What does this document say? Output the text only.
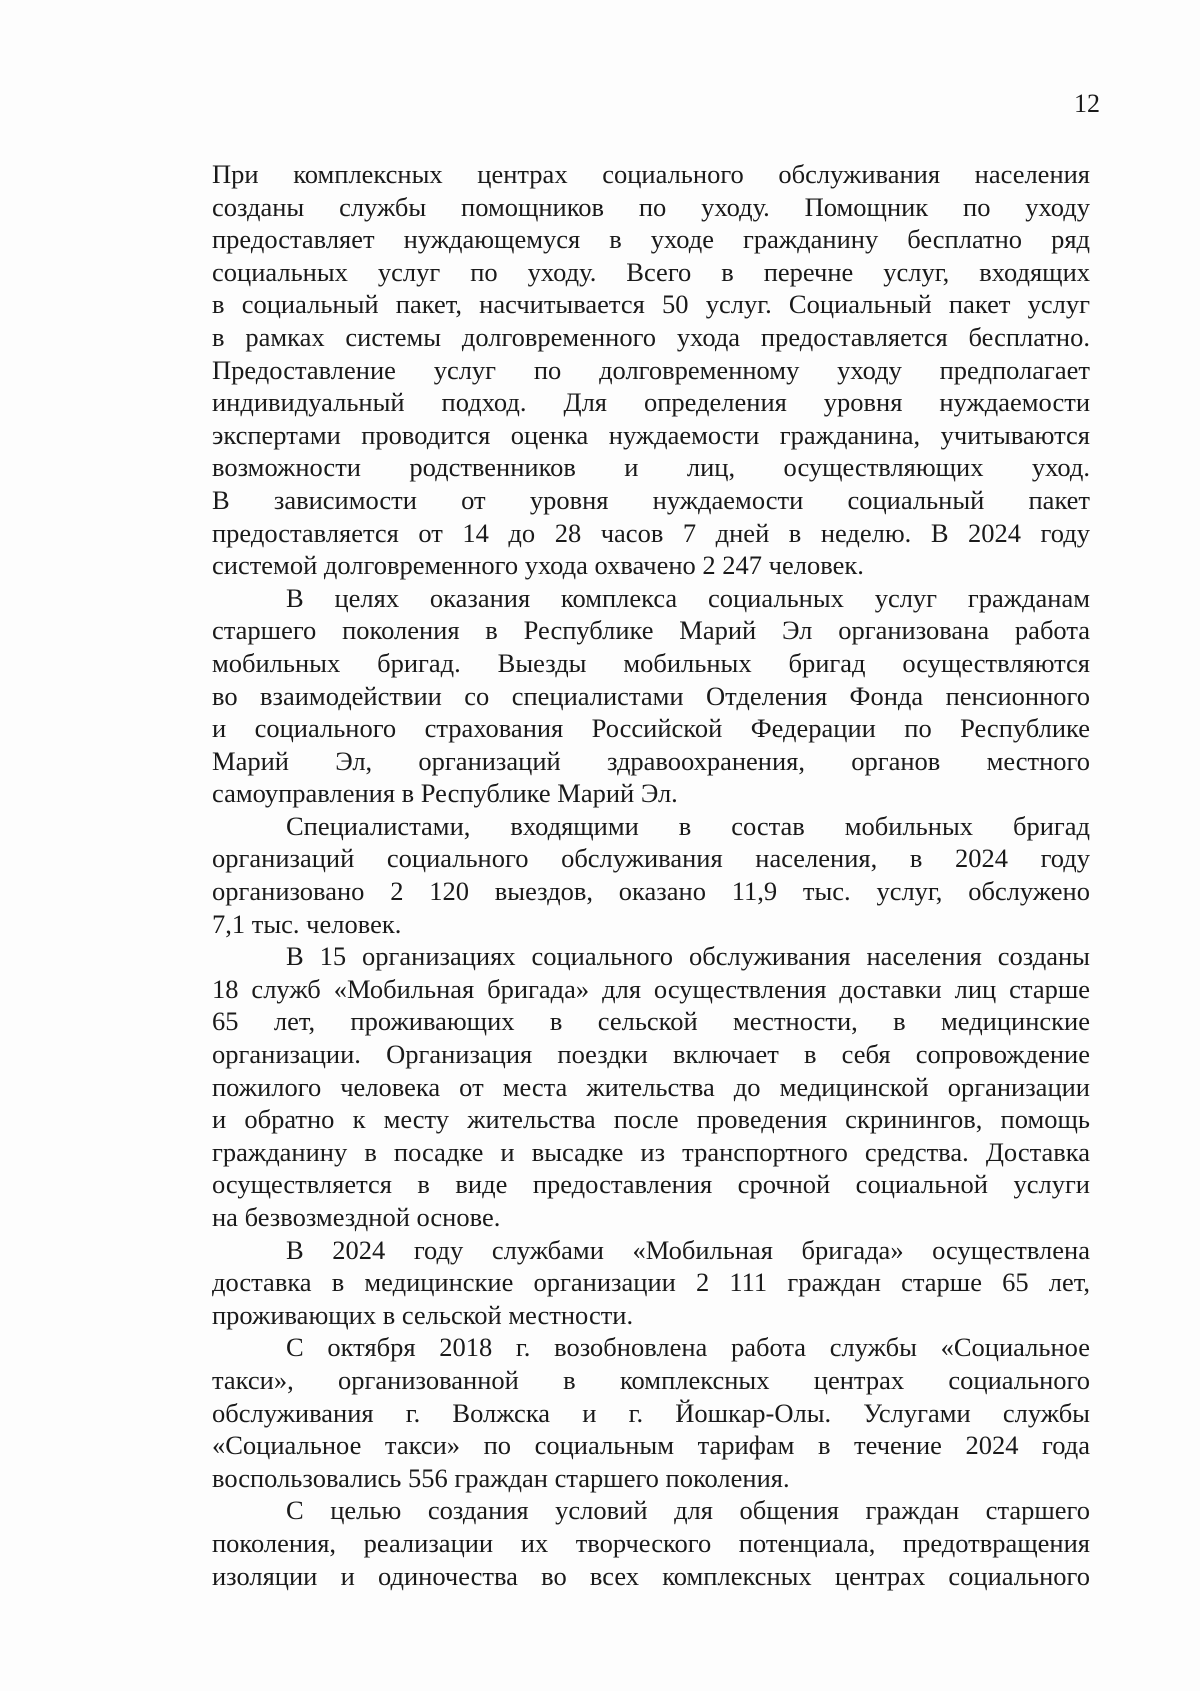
12
При комплексных центрах социального обслуживания населения
созданы службы помощников по уходу. Помощник по уходу
предоставляет нуждающемуся в уходе гражданину бесплатно ряд
социальных услуг по уходу. Всего в перечне услуг, входящих
в социальный пакет, насчитывается 50 услуг. Социальный пакет услуг
в рамках системы долговременного ухода предоставляется бесплатно.
Предоставление услуг по долговременному уходу предполагает
индивидуальный подход. Для определения уровня нуждаемости
экспертами проводится оценка нуждаемости гражданина, учитываются
возможности родственников и лиц, осуществляющих уход.
В зависимости от уровня нуждаемости социальный пакет
предоставляется от 14 до 28 часов 7 дней в неделю. В 2024 году
системой долговременного ухода охвачено 2 247 человек.
В целях оказания комплекса социальных услуг гражданам
старшего поколения в Республике Марий Эл организована работа
мобильных бригад. Выезды мобильных бригад осуществляются
во взаимодействии со специалистами Отделения Фонда пенсионного
и социального страхования Российской Федерации по Республике
Марий Эл, организаций здравоохранения, органов местного
самоуправления в Республике Марий Эл.
Специалистами, входящими в состав мобильных бригад
организаций социального обслуживания населения, в 2024 году
организовано 2 120 выездов, оказано 11,9 тыс. услуг, обслужено
7,1 тыс. человек.
В 15 организациях социального обслуживания населения созданы
18 служб «Мобильная бригада» для осуществления доставки лиц старше
65 лет, проживающих в сельской местности, в медицинские
организации. Организация поездки включает в себя сопровождение
пожилого человека от места жительства до медицинской организации
и обратно к месту жительства после проведения скринингов, помощь
гражданину в посадке и высадке из транспортного средства. Доставка
осуществляется в виде предоставления срочной социальной услуги
на безвозмездной основе.
В 2024 году службами «Мобильная бригада» осуществлена
доставка в медицинские организации 2 111 граждан старше 65 лет,
проживающих в сельской местности.
С октября 2018 г. возобновлена работа службы «Социальное
такси», организованной в комплексных центрах социального
обслуживания г. Волжска и г. Йошкар-Олы. Услугами службы
«Социальное такси» по социальным тарифам в течение 2024 года
воспользовались 556 граждан старшего поколения.
С целью создания условий для общения граждан старшего
поколения, реализации их творческого потенциала, предотвращения
изоляции и одиночества во всех комплексных центрах социального
